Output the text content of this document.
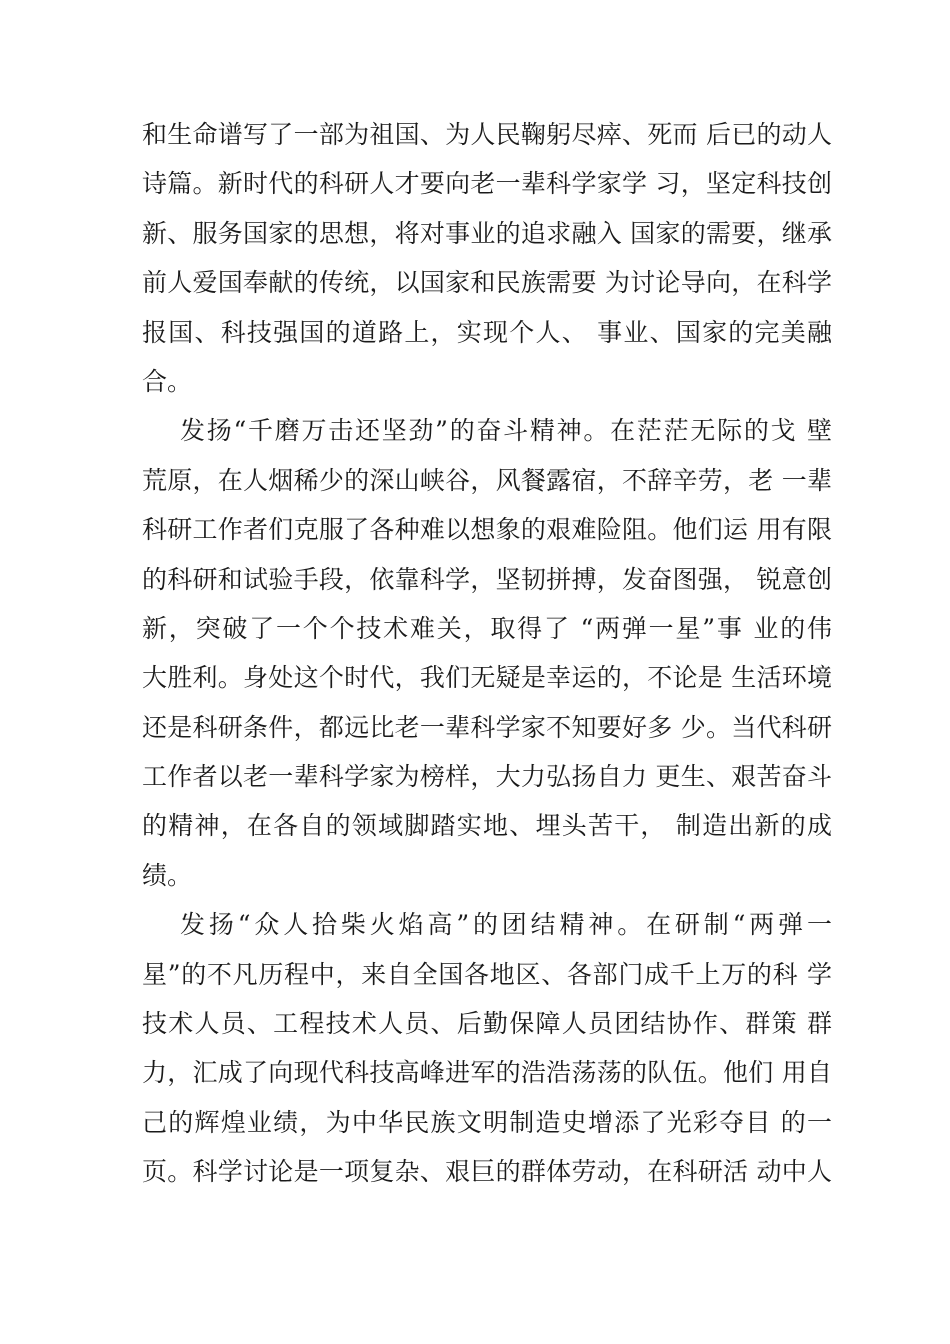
和生命谱写了一部为祖国、为人民鞠躬尽瘁、死而 后已的动人
诗篇。新时代的科研人才要向老一辈科学家学 习，坚定科技创
新、服务国家的思想，将对事业的追求融入 国家的需要，继承
前人爱国奉献的传统，以国家和民族需要 为讨论导向，在科学
报国、科技强国的道路上，实现个人、 事业、国家的完美融
合。
发扬“千磨万击还坚劲”的奋斗精神。在茫茫无际的戈 壁
荒原，在人烟稀少的深山峡谷，风餐露宿，不辞辛劳，老 一辈
科研工作者们克服了各种难以想象的艰难险阻。他们运 用有限
的科研和试验手段，依靠科学，坚韧拼搏，发奋图强， 锐意创
新，突破了一个个技术难关，取得了 “两弹一星”事 业的伟
大胜利。身处这个时代，我们无疑是幸运的，不论是 生活环境
还是科研条件，都远比老一辈科学家不知要好多 少。当代科研
工作者以老一辈科学家为榜样，大力弘扬自力 更生、艰苦奋斗
的精神，在各自的领域脚踏实地、埋头苦干， 制造出新的成
绩。
发扬“众人拾柴火焰高”的团结精神。在研制“两弹一
星”的不凡历程中，来自全国各地区、各部门成千上万的科 学
技术人员、工程技术人员、后勤保障人员团结协作、群策 群
力，汇成了向现代科技高峰进军的浩浩荡荡的队伍。他们 用自
己的辉煌业绩，为中华民族文明制造史增添了光彩夺目 的一
页。科学讨论是一项复杂、艰巨的群体劳动，在科研活 动中人
